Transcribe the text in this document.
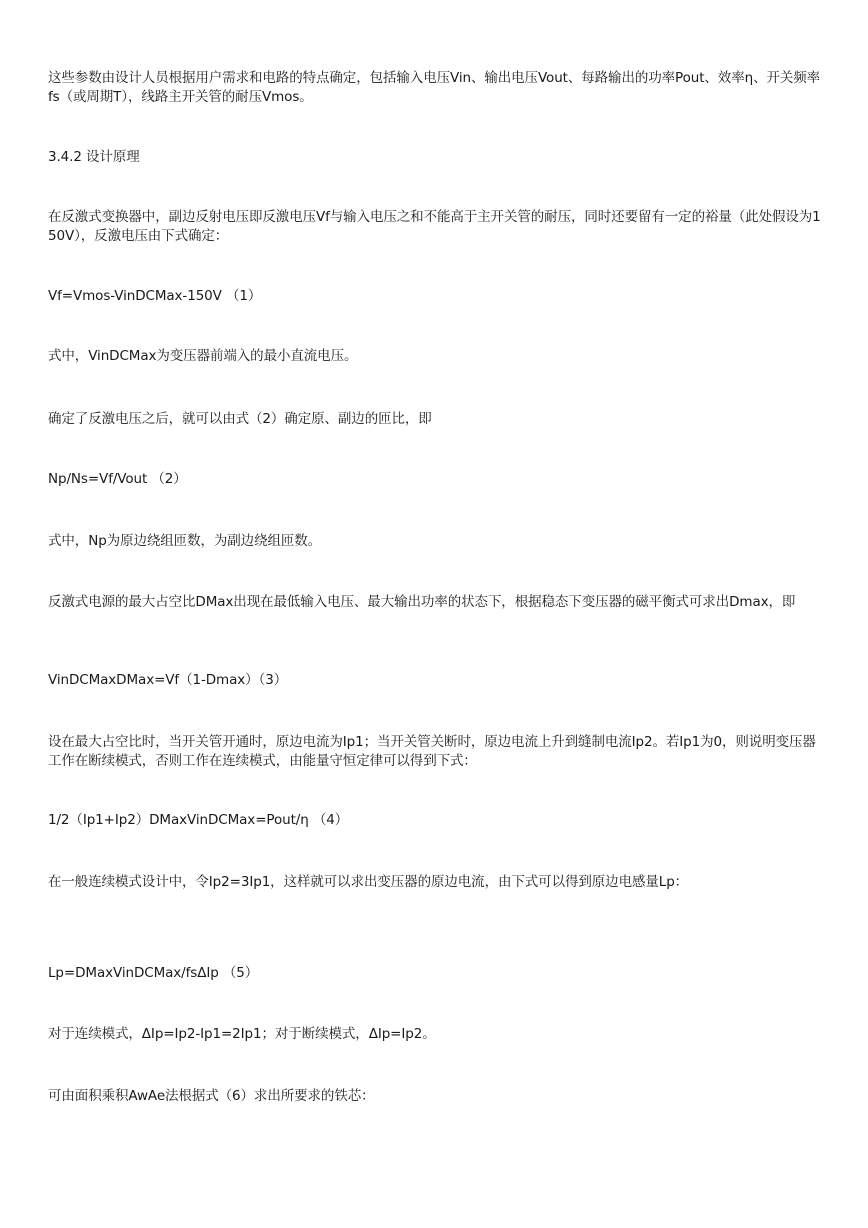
这些参数由设计人员根据用户需求和电路的特点确定，包括输入电压Vin、输出电压Vout、每路输出的功率Pout、效率η、开关频率fs（或周期T），线路主开关管的耐压Vmos。

3.4.2 设计原理

在反激式变换器中，副边反射电压即反激电压Vf与输入电压之和不能高于主开关管的耐压，同时还要留有一定的裕量（此处假设为150V），反激电压由下式确定：

Vf=Vmos-VinDCMax-150V （1）

式中，VinDCMax为变压器前端入的最小直流电压。

确定了反激电压之后，就可以由式（2）确定原、副边的匝比，即

Np/Ns=Vf/Vout （2）

式中，Np为原边绕组匝数，为副边绕组匝数。

反激式电源的最大占空比DMax出现在最低输入电压、最大输出功率的状态下，根据稳态下变压器的磁平衡式可求出Dmax，即

VinDCMaxDMax=Vf（1-Dmax）（3）

设在最大占空比时，当开关管开通时，原边电流为Ip1；当开关管关断时，原边电流上升到缝制电流Ip2。若Ip1为0，则说明变压器工作在断续模式，否则工作在连续模式，由能量守恒定律可以得到下式：

1/2（Ip1+Ip2）DMaxVinDCMax=Pout/η （4）

在一般连续模式设计中，令Ip2=3Ip1，这样就可以求出变压器的原边电流，由下式可以得到原边电感量Lp：

Lp=DMaxVinDCMax/fsΔIp （5）

对于连续模式，ΔIp=Ip2-Ip1=2Ip1；对于断续模式，ΔIp=Ip2。

可由面积乘积AwAe法根据式（6）求出所要求的铁芯：
